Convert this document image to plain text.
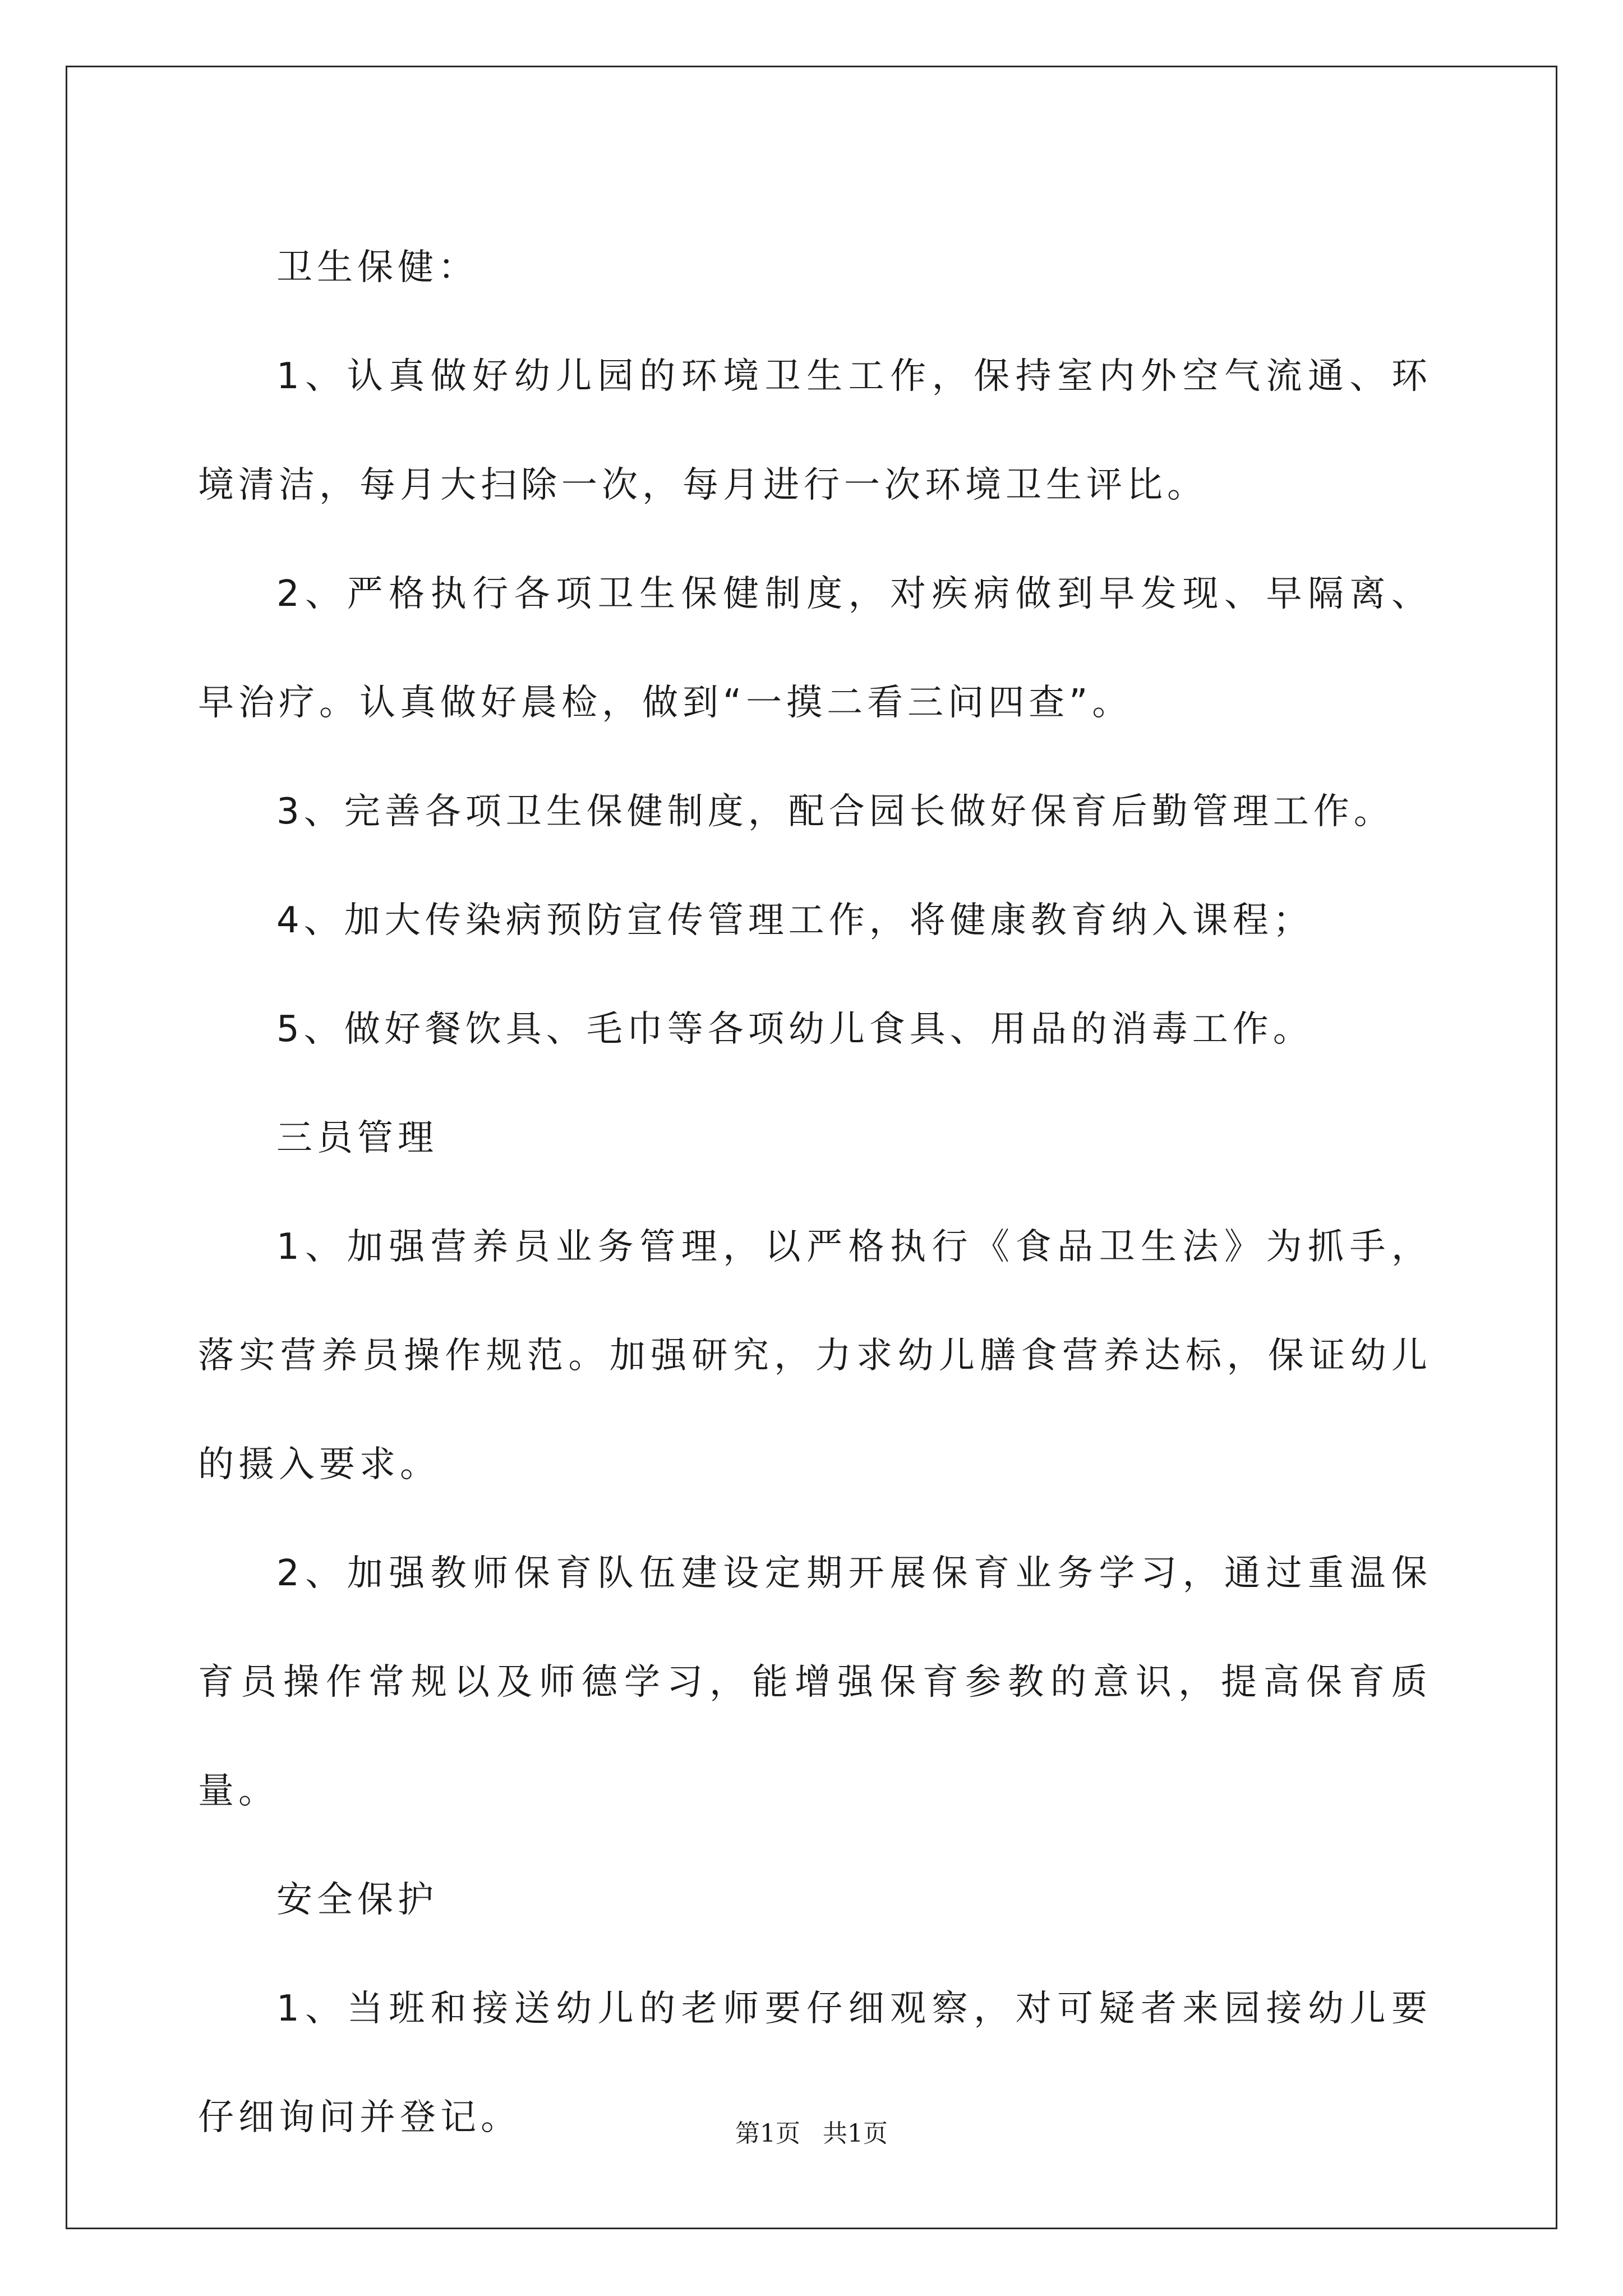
卫生保健：

1、认真做好幼儿园的环境卫生工作，保持室内外空气流通、环境清洁，每月大扫除一次，每月进行一次环境卫生评比。

2、严格执行各项卫生保健制度，对疾病做到早发现、早隔离、早治疗。认真做好晨检，做到“一摸二看三问四查”。

3、完善各项卫生保健制度，配合园长做好保育后勤管理工作。

4、加大传染病预防宣传管理工作，将健康教育纳入课程；

5、做好餐饮具、毛巾等各项幼儿食具、用品的消毒工作。

三员管理

1、加强营养员业务管理，以严格执行《食品卫生法》为抓手，落实营养员操作规范。加强研究，力求幼儿膳食营养达标，保证幼儿的摄入要求。

2、加强教师保育队伍建设定期开展保育业务学习，通过重温保育员操作常规以及师德学习，能增强保育参教的意识，提高保育质量。

安全保护

1、当班和接送幼儿的老师要仔细观察，对可疑者来园接幼儿要仔细询问并登记。	第1页 共1页
